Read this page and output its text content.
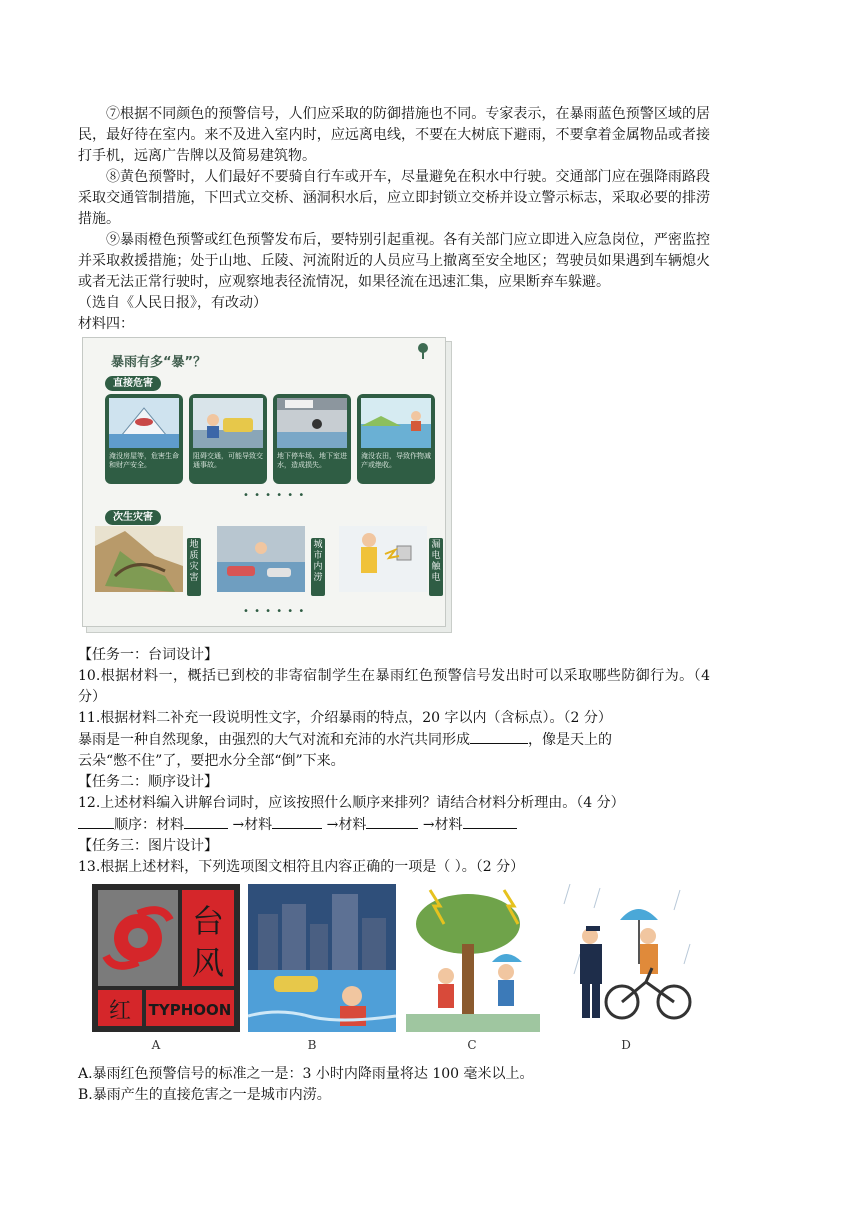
⑦根据不同颜色的预警信号，人们应采取的防御措施也不同。专家表示，在暴雨蓝色预警区域的居民，最好待在室内。来不及进入室内时，应远离电线，不要在大树底下避雨，不要拿着金属物品或者接打手机，远离广告牌以及简易建筑物。

⑧黄色预警时，人们最好不要骑自行车或开车，尽量避免在积水中行驶。交通部门应在强降雨路段采取交通管制措施，下凹式立交桥、涵洞积水后，应立即封锁立交桥并设立警示标志，采取必要的排涝措施。

⑨暴雨橙色预警或红色预警发布后，要特别引起重视。各有关部门应立即进入应急岗位，严密监控并采取救援措施；处于山地、丘陵、河流附近的人员应马上撤离至安全地区；驾驶员如果遇到车辆熄火或者无法正常行驶时，应观察地表径流情况，如果径流在迅速汇集，应果断弃车躲避。

（选自《人民日报》，有改动）

材料四：

暴雨有多“暴”？
直接危害
淹没房屋等，危害生命和财产安全。
阻碍交通，可能导致交通事故。
地下停车场、地下室进水，造成损失。
淹没农田，导致作物减产或绝收。
• • • • • •
次生灾害
地质灾害
城市内涝
漏电触电
• • • • • •

【任务一：台词设计】

10.根据材料一，概括已到校的非寄宿制学生在暴雨红色预警信号发出时可以采取哪些防御行为。（4 分）

11.根据材料二补充一段说明性文字，介绍暴雨的特点，20 字以内（含标点）。（2 分）

暴雨是一种自然现象，由强烈的大气对流和充沛的水汽共同形成	，像是天上的

云朵“憋不住”了，要把水分全部“倒”下来。

【任务二：顺序设计】

12.上述材料编入讲解台词时，应该按照什么顺序来排列？请结合材料分析理由。（4 分）

顺序：材料	→材料	→材料	→材料

【任务三：图片设计】

13.根据上述材料，下列选项图文相符且内容正确的一项是（ ）。（2 分）

台
风
红 TYPHOON
A	B	C	D

A.暴雨红色预警信号的标准之一是：3 小时内降雨量将达 100 毫米以上。

B.暴雨产生的直接危害之一是城市内涝。
